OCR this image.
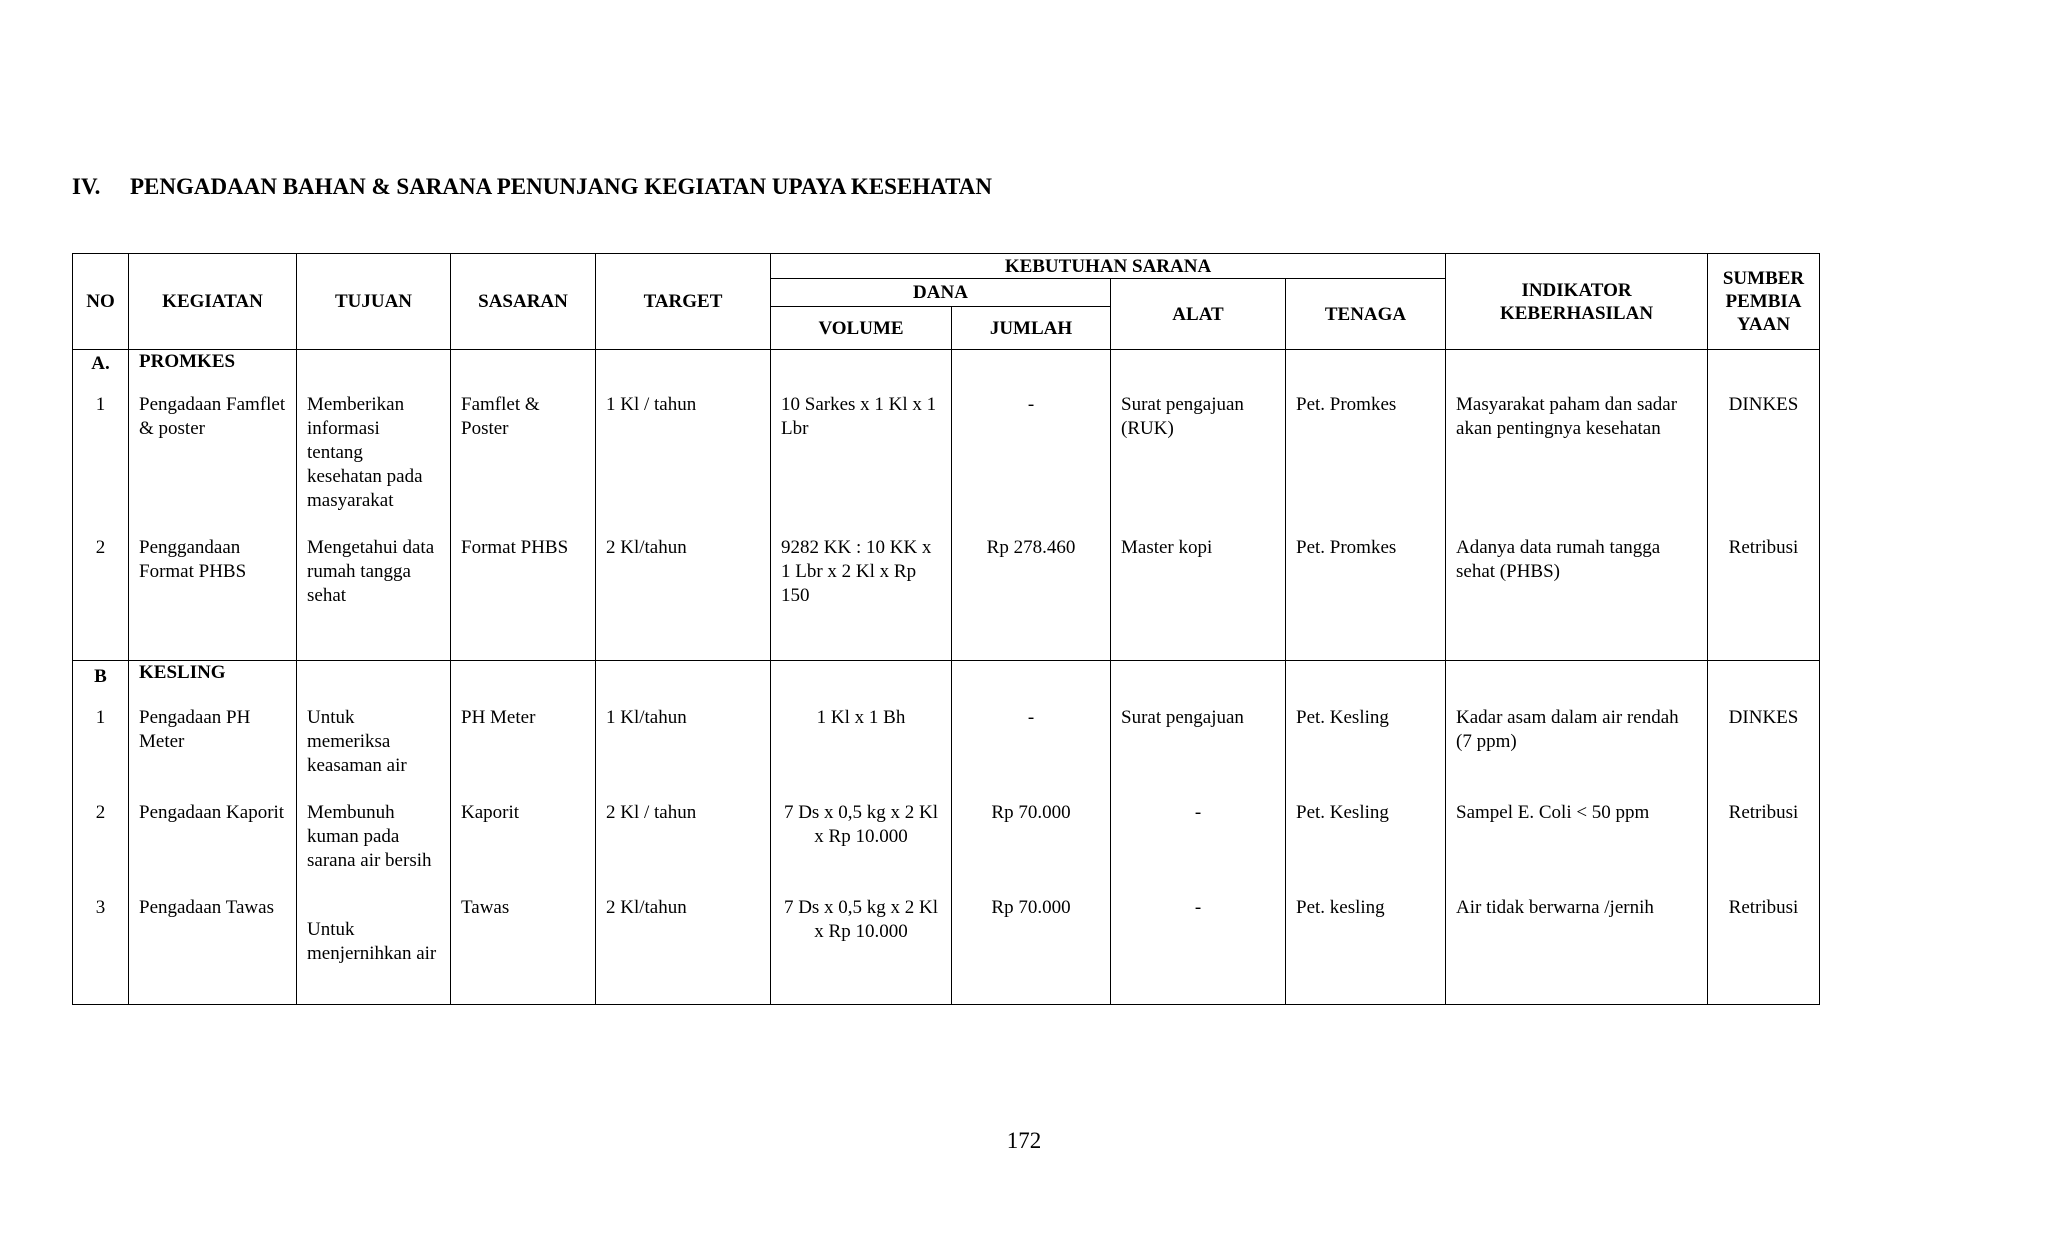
IV. PENGADAAN BAHAN & SARANA PENUNJANG KEGIATAN UPAYA KESEHATAN
NO	KEGIATAN	TUJUAN	SASARAN	TARGET	KEBUTUHAN SARANA				INDIKATOR KEBERHASILAN	SUMBER PEMBIA YAAN
					DANA		ALAT	TENAGA		
					VOLUME	JUMLAH				
A.	PROMKES									
1	Pengadaan Famflet & poster	Memberikan informasi tentang kesehatan pada masyarakat	Famflet & Poster	1 Kl / tahun	10 Sarkes x 1 Kl x 1 Lbr	-	Surat pengajuan (RUK)	Pet. Promkes	Masyarakat paham dan sadar akan pentingnya kesehatan	DINKES
2	Penggandaan Format PHBS	Mengetahui data rumah tangga sehat	Format PHBS	2 Kl/tahun	9282 KK : 10 KK x 1 Lbr x 2 Kl x Rp 150	Rp 278.460	Master kopi	Pet. Promkes	Adanya data rumah tangga sehat (PHBS)	Retribusi
B	KESLING									
1	Pengadaan PH Meter	Untuk memeriksa keasaman air	PH Meter	1 Kl/tahun	1 Kl x 1 Bh	-	Surat pengajuan	Pet. Kesling	Kadar asam dalam air rendah (7 ppm)	DINKES
2	Pengadaan Kaporit	Membunuh kuman pada sarana air bersih	Kaporit	2 Kl / tahun	7 Ds x 0,5 kg x 2 Kl x Rp 10.000	Rp 70.000	-	Pet. Kesling	Sampel E. Coli < 50 ppm	Retribusi
3	Pengadaan Tawas	Untuk menjernihkan air	Tawas	2 Kl/tahun	7 Ds x 0,5 kg x 2 Kl x Rp 10.000	Rp 70.000	-	Pet. kesling	Air tidak berwarna /jernih	Retribusi
172
